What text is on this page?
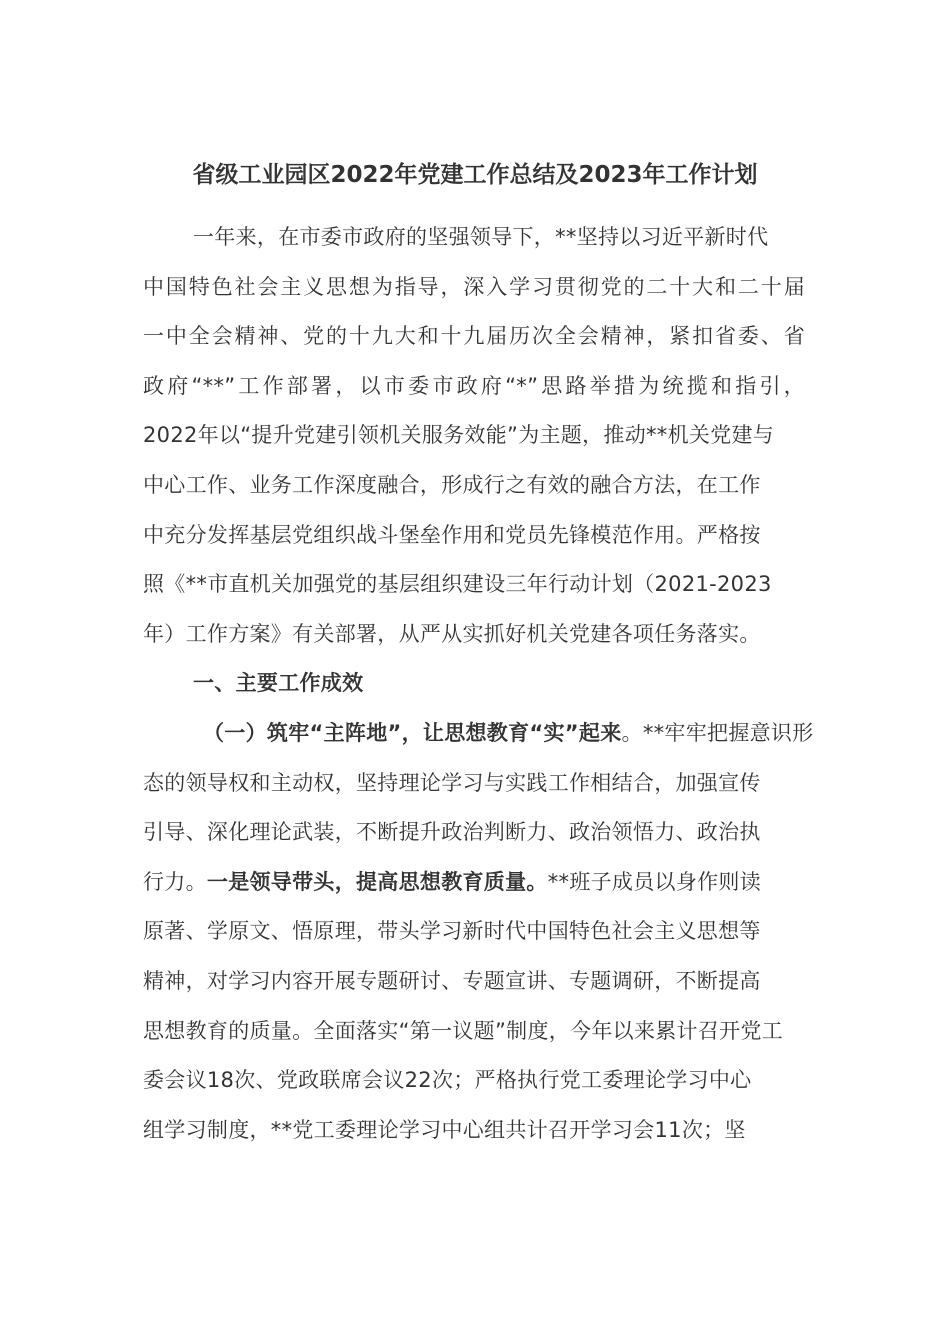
省级工业园区2022年党建工作总结及2023年工作计划
一年来，在市委市政府的坚强领导下，**坚持以习近平新时代
中国特色社会主义思想为指导，深入学习贯彻党的二十大和二十届
一中全会精神、党的十九大和十九届历次全会精神，紧扣省委、省
政府“**”工作部署，以市委市政府“*”思路举措为统揽和指引，
2022年以“提升党建引领机关服务效能”为主题，推动**机关党建与
中心工作、业务工作深度融合，形成行之有效的融合方法，在工作
中充分发挥基层党组织战斗堡垒作用和党员先锋模范作用。严格按
照《**市直机关加强党的基层组织建设三年行动计划（2021-2023
年）工作方案》有关部署，从严从实抓好机关党建各项任务落实。
一、主要工作成效
（一）筑牢“主阵地”，让思想教育“实”起来。**牢牢把握意识形
态的领导权和主动权，坚持理论学习与实践工作相结合，加强宣传
引导、深化理论武装，不断提升政治判断力、政治领悟力、政治执
行力。一是领导带头，提高思想教育质量。**班子成员以身作则读
原著、学原文、悟原理，带头学习新时代中国特色社会主义思想等
精神，对学习内容开展专题研讨、专题宣讲、专题调研，不断提高
思想教育的质量。全面落实“第一议题”制度，今年以来累计召开党工
委会议18次、党政联席会议22次；严格执行党工委理论学习中心
组学习制度，**党工委理论学习中心组共计召开学习会11次；坚
